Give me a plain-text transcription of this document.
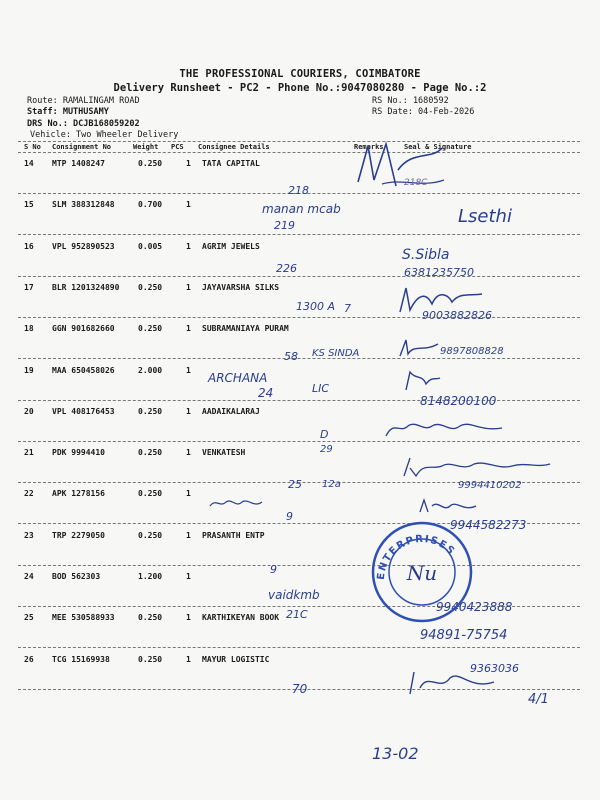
THE PROFESSIONAL COURIERS, COIMBATORE
Delivery Runsheet - PC2 - Phone No.:9047080280 - Page No.:2
Route: RAMALINGAM ROAD
Staff: MUTHUSAMY
DRS No.: DCJB168059202
Vehicle: Two Wheeler Delivery
RS No.: 1680592
RS Date: 04-Feb-2026
S No Consignment No	Weight PCS Consignee Details	Remarks	Seal & Signature
14 MTP 1408247	0.250	1 TATA CAPITAL
15 SLM 388312848	0.700	1
16 VPL 952890523	0.005	1 AGRIM JEWELS
17 BLR 1201324890 0.250	1 JAYAVARSHA SILKS
18 GGN 901682660	0.250	1 SUBRAMANIAYA PURAM
19 MAA 650458026	2.000	1
20 VPL 408176453	0.250	1 AADAIKALARAJ
21 PDK 9994410	0.250	1 VENKATESH
22 APK 1278156	0.250	1
23 TRP 2279050	0.250	1 PRASANTH ENTP
24 BOD 562303	1.200	1
25 MEE 530588933	0.250	1 KARTHIKEYAN BOOK
26 TCG 15169938	0.250	1 MAYUR LOGISTIC
218C
218
manan mcab
219	Lsethi
226
S.Sibla
6381235750
1300 A 7
9003882826
58 KS SINDA	9897808828
ARCHANA
24	LIC
8148200100
D
29
25 12a	9994410202
9
9944582273
9
vaidkmb
21C
9940423888
94891-75754
70
9363036
4/1
13-02
ENTERPRISES
Nu
